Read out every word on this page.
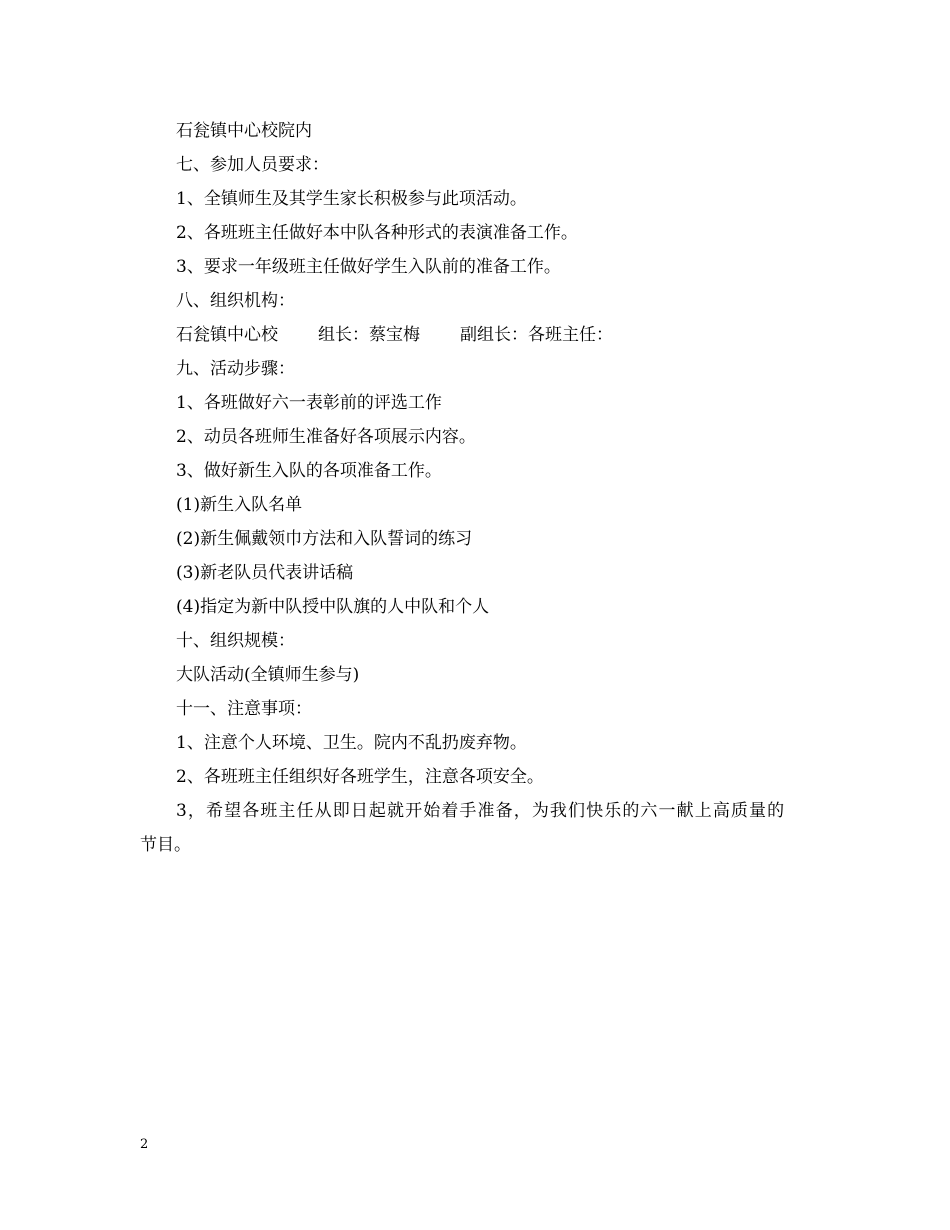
石瓮镇中心校院内
七、参加人员要求：
1、全镇师生及其学生家长积极参与此项活动。
2、各班班主任做好本中队各种形式的表演准备工作。
3、要求一年级班主任做好学生入队前的准备工作。
八、组织机构：
石瓮镇中心校 组长：蔡宝梅 副组长：各班主任：
九、活动步骤：
1、各班做好六一表彰前的评选工作
2、动员各班师生准备好各项展示内容。
3、做好新生入队的各项准备工作。
(1)新生入队名单
(2)新生佩戴领巾方法和入队誓词的练习
(3)新老队员代表讲话稿
(4)指定为新中队授中队旗的人中队和个人
十、组织规模：
大队活动(全镇师生参与)
十一、注意事项：
1、注意个人环境、卫生。院内不乱扔废弃物。
2、各班班主任组织好各班学生，注意各项安全。
3，希望各班主任从即日起就开始着手准备，为我们快乐的六一献上高质量的
节目。
2
